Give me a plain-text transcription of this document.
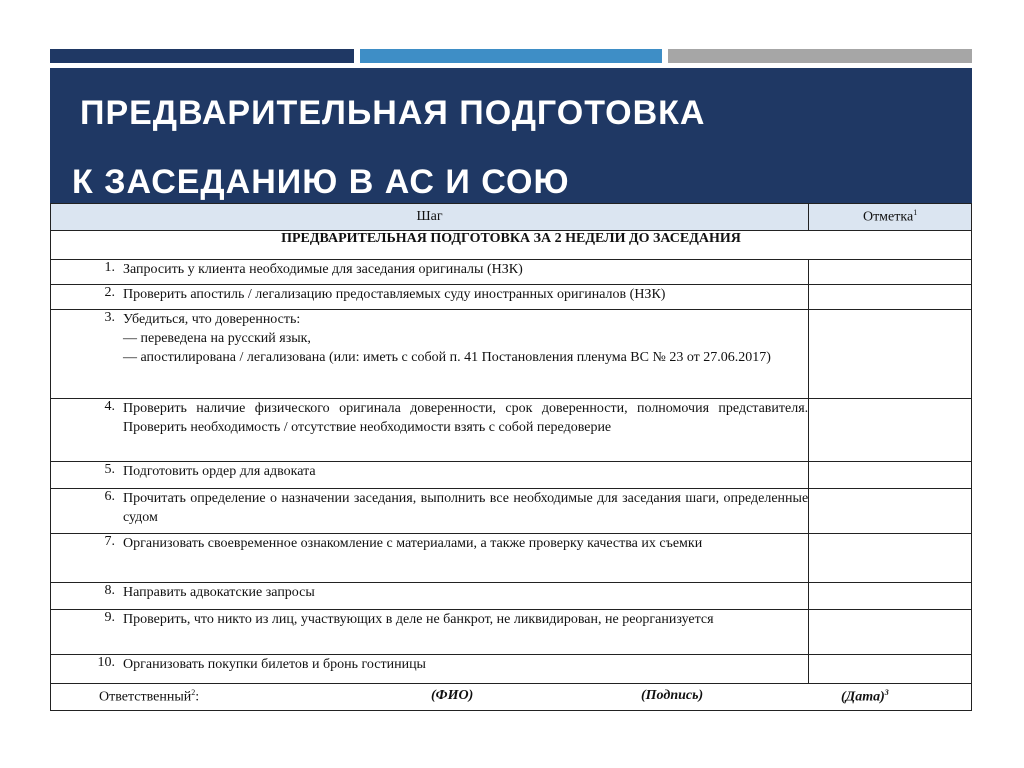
ПРЕДВАРИТЕЛЬНАЯ ПОДГОТОВКА
К ЗАСЕДАНИЮ В АС И СОЮ
Шаг	Отметка$^1$
ПРЕДВАРИТЕЛЬНАЯ ПОДГОТОВКА ЗА 2 НЕДЕЛИ ДО ЗАСЕДАНИЯ	

1. Запросить у клиента необходимые для заседания оригиналы (НЗК)	

2. Проверить апостиль / легализацию предоставляемых суду иностранных оригиналов (НЗК)	

3. Убедиться, что доверенность:
— переведена на русский язык,
— апостилирована / легализована (или: иметь с собой п. 41 Постановления пленума ВС № 23 от 27.06.2017)	

4. Проверить наличие физического оригинала доверенности, срок доверенности, полномочия представителя. Проверить необходимость / отсутствие необходимости взять с собой передоверие	

5. Подготовить ордер для адвоката	

6. Прочитать определение о назначении заседания, выполнить все необходимые для заседания шаги, определенные судом	

7. Организовать своевременное ознакомление с материалами, а также проверку качества их съемки	

8. Направить адвокатские запросы	

9. Проверить, что никто из лиц, участвующих в деле не банкрот, не ликвидирован, не реорганизуется	

10. Организовать покупки билетов и бронь гостиницы	

Ответственный$^2$: (ФИО) (Подпись) (Дата)$^3$
